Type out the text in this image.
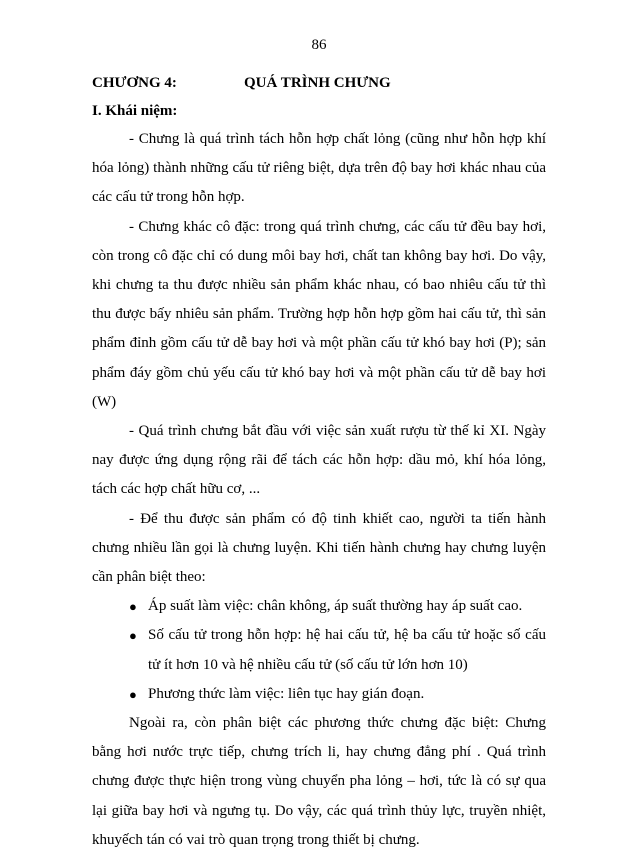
86
CHƯƠNG 4:	QUÁ TRÌNH CHƯNG
I. Khái niệm:

- Chưng là quá trình tách hỗn hợp chất lỏng (cũng như hỗn hợp khí hóa lỏng) thành những cấu tử riêng biệt, dựa trên độ bay hơi khác nhau của các cấu tử trong hỗn hợp.

- Chưng khác cô đặc: trong quá trình chưng, các cấu tử đều bay hơi, còn trong cô đặc chỉ có dung môi bay hơi, chất tan không bay hơi. Do vậy, khi chưng ta thu được nhiều sản phẩm khác nhau, có bao nhiêu cấu tử thì thu được bấy nhiêu sản phẩm. Trường hợp hỗn hợp gồm hai cấu tử, thì sản phẩm đỉnh gồm cấu tử dễ bay hơi và một phần cấu tử khó bay hơi (P); sản phẩm đáy gồm chủ yếu cấu tử khó bay hơi và một phần cấu tử dễ bay hơi (W)

- Quá trình chưng bắt đầu với việc sản xuất rượu từ thế kỉ XI. Ngày nay được ứng dụng rộng rãi để tách các hỗn hợp: dầu mỏ, khí hóa lỏng, tách các hợp chất hữu cơ, ...

- Để thu được sản phẩm có độ tinh khiết cao, người ta tiến hành chưng nhiều lần gọi là chưng luyện. Khi tiến hành chưng hay chưng luyện cần phân biệt theo:

● Áp suất làm việc: chân không, áp suất thường hay áp suất cao.
● Số cấu tử trong hỗn hợp: hệ hai cấu tử, hệ ba cấu tử hoặc số cấu tử ít hơn 10 và hệ nhiều cấu tử (số cấu tử lớn hơn 10)
● Phương thức làm việc: liên tục hay gián đoạn.

Ngoài ra, còn phân biệt các phương thức chưng đặc biệt: Chưng bằng hơi nước trực tiếp, chưng trích li, hay chưng đẳng phí . Quá trình chưng được thực hiện trong vùng chuyển pha lỏng – hơi, tức là có sự qua lại giữa bay hơi và ngưng tụ. Do vậy, các quá trình thủy lực, truyền nhiệt, khuyếch tán có vai trò quan trọng trong thiết bị chưng.
